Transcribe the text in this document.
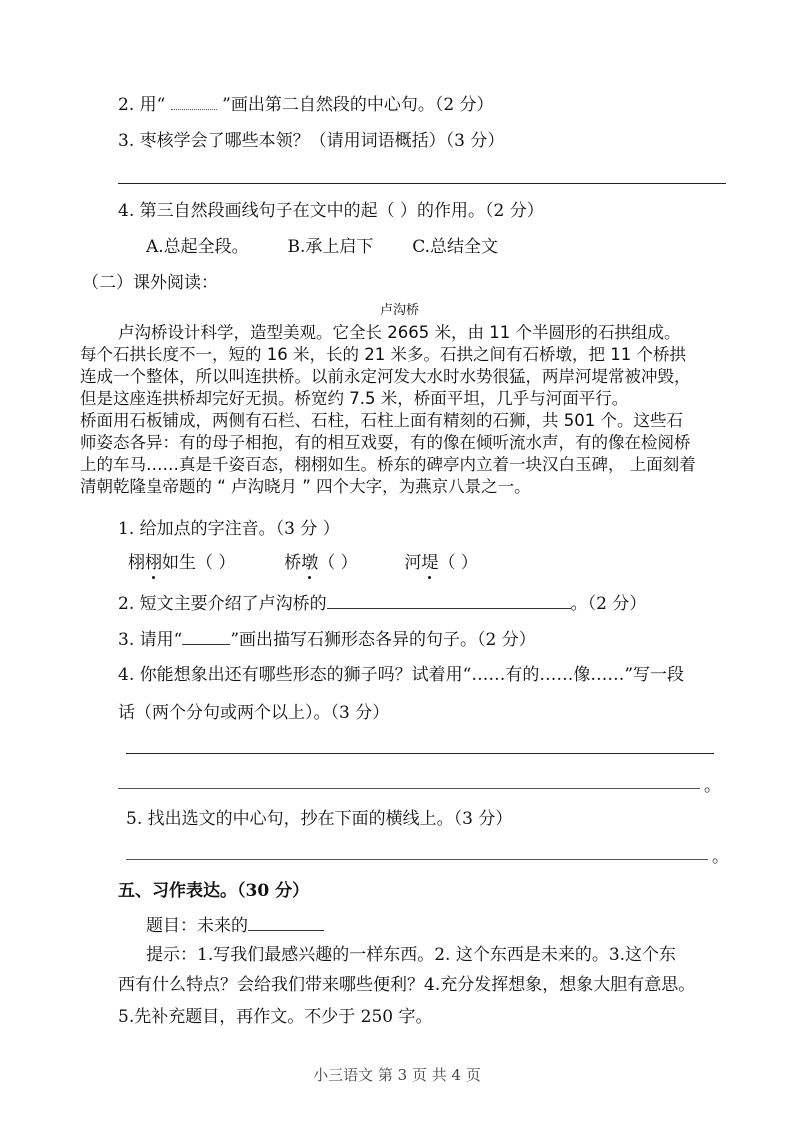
2. 用“	”画出第二自然段的中心句。（2 分）
3. 枣核学会了哪些本领？（请用词语概括）（3 分）
4. 第三自然段画线句子在文中的起（ ）的作用。（2 分）
A.总起全段。 B.承上启下 C.总结全文
（二）课外阅读：
卢沟桥
卢沟桥设计科学，造型美观。它全长 2665 米，由 11 个半圆形的石拱组成。
每个石拱长度不一，短的 16 米，长的 21 米多。石拱之间有石桥墩，把 11 个桥拱
连成一个整体，所以叫连拱桥。以前永定河发大水时水势很猛，两岸河堤常被冲毁，
但是这座连拱桥却完好无损。桥宽约 7.5 米，桥面平坦，几乎与河面平行。
桥面用石板铺成，两侧有石栏、石柱，石柱上面有精刻的石狮，共 501 个。这些石
师姿态各异：有的母子相抱，有的相互戏耍，有的像在倾听流水声，有的像在检阅桥
上的车马……真是千姿百态，栩栩如生。桥东的碑亭内立着一块汉白玉碑， 上面刻着
清朝乾隆皇帝题的 “ 卢沟晓月 ” 四个大字，为燕京八景之一。
1. 给加点的字注音。（3 分 ）
栩栩如生（ ）	桥墩（ ）	河堤（ ）
2. 短文主要介绍了卢沟桥的	。（2 分）
3. 请用“	”画出描写石狮形态各异的句子。（2 分）
4. 你能想象出还有哪些形态的狮子吗？试着用“……有的……像……”写一段
话（两个分句或两个以上）。（3 分）
。
5. 找出选文的中心句，抄在下面的横线上。（3 分）
。
五、习作表达。（30 分）
题目：未来的
提示：1.写我们最感兴趣的一样东西。2. 这个东西是未来的。3.这个东
西有什么特点？会给我们带来哪些便利？4.充分发挥想象，想象大胆有意思。
5.先补充题目，再作文。不少于 250 字。
小三语文 第 3 页 共 4 页
